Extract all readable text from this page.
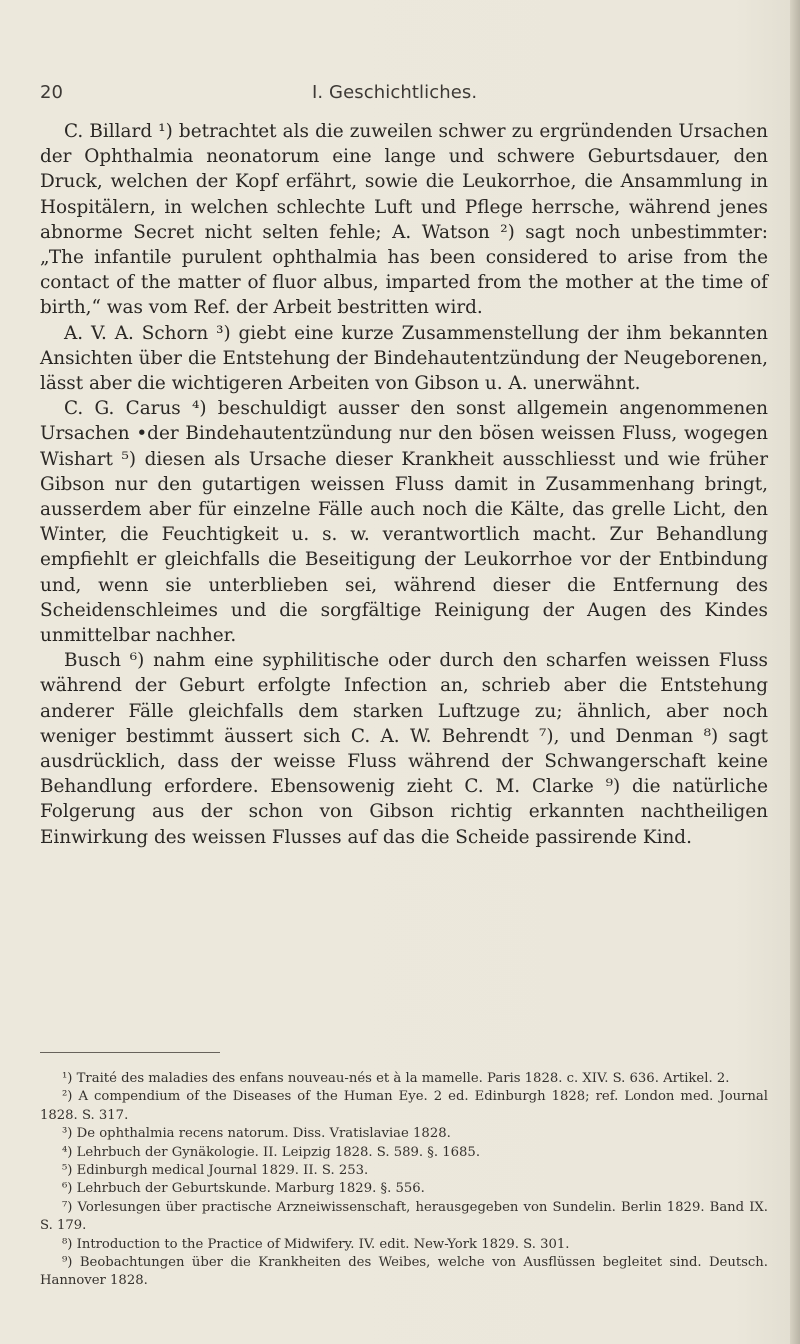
20	I. Geschichtliches.

C. Billard ¹) betrachtet als die zuweilen schwer zu ergründenden Ursachen der Ophthalmia neonatorum eine lange und schwere Geburtsdauer, den Druck, welchen der Kopf erfährt, sowie die Leukorrhoe, die Ansammlung in Hospitälern, in welchen schlechte Luft und Pflege herrsche, während jenes abnorme Secret nicht selten fehle; A. Watson ²) sagt noch unbestimmter: „The infantile purulent ophthalmia has been considered to arise from the contact of the matter of fluor albus, imparted from the mother at the time of birth,“ was vom Ref. der Arbeit bestritten wird.

A. V. A. Schorn ³) giebt eine kurze Zusammenstellung der ihm bekannten Ansichten über die Entstehung der Bindehautentzündung der Neugeborenen, lässt aber die wichtigeren Arbeiten von Gibson u. A. unerwähnt.

C. G. Carus ⁴) beschuldigt ausser den sonst allgemein angenommenen Ursachen •der Bindehautentzündung nur den bösen weissen Fluss, wogegen Wishart ⁵) diesen als Ursache dieser Krankheit ausschliesst und wie früher Gibson nur den gutartigen weissen Fluss damit in Zusammenhang bringt, ausserdem aber für einzelne Fälle auch noch die Kälte, das grelle Licht, den Winter, die Feuchtigkeit u. s. w. verantwortlich macht. Zur Behandlung empfiehlt er gleichfalls die Beseitigung der Leukorrhoe vor der Entbindung und, wenn sie unterblieben sei, während dieser die Entfernung des Scheidenschleimes und die sorgfältige Reinigung der Augen des Kindes unmittelbar nachher.

Busch ⁶) nahm eine syphilitische oder durch den scharfen weissen Fluss während der Geburt erfolgte Infection an, schrieb aber die Entstehung anderer Fälle gleichfalls dem starken Luftzuge zu; ähnlich, aber noch weniger bestimmt äussert sich C. A. W. Behrendt ⁷), und Denman ⁸) sagt ausdrücklich, dass der weisse Fluss während der Schwangerschaft keine Behandlung erfordere. Ebensowenig zieht C. M. Clarke ⁹) die natürliche Folgerung aus der schon von Gibson richtig erkannten nachtheiligen Einwirkung des weissen Flusses auf das die Scheide passirende Kind.

¹) Traité des maladies des enfans nouveau-nés et à la mamelle. Paris 1828. c. XIV. S. 636. Artikel. 2.

²) A compendium of the Diseases of the Human Eye. 2 ed. Edinburgh 1828; ref. London med. Journal 1828. S. 317.

³) De ophthalmia recens natorum. Diss. Vratislaviae 1828.

⁴) Lehrbuch der Gynäkologie. II. Leipzig 1828. S. 589. §. 1685.

⁵) Edinburgh medical Journal 1829. II. S. 253.

⁶) Lehrbuch der Geburtskunde. Marburg 1829. §. 556.

⁷) Vorlesungen über practische Arzneiwissenschaft, herausgegeben von Sundelin. Berlin 1829. Band IX. S. 179.

⁸) Introduction to the Practice of Midwifery. IV. edit. New-York 1829. S. 301.

⁹) Beobachtungen über die Krankheiten des Weibes, welche von Ausflüssen begleitet sind. Deutsch. Hannover 1828.
